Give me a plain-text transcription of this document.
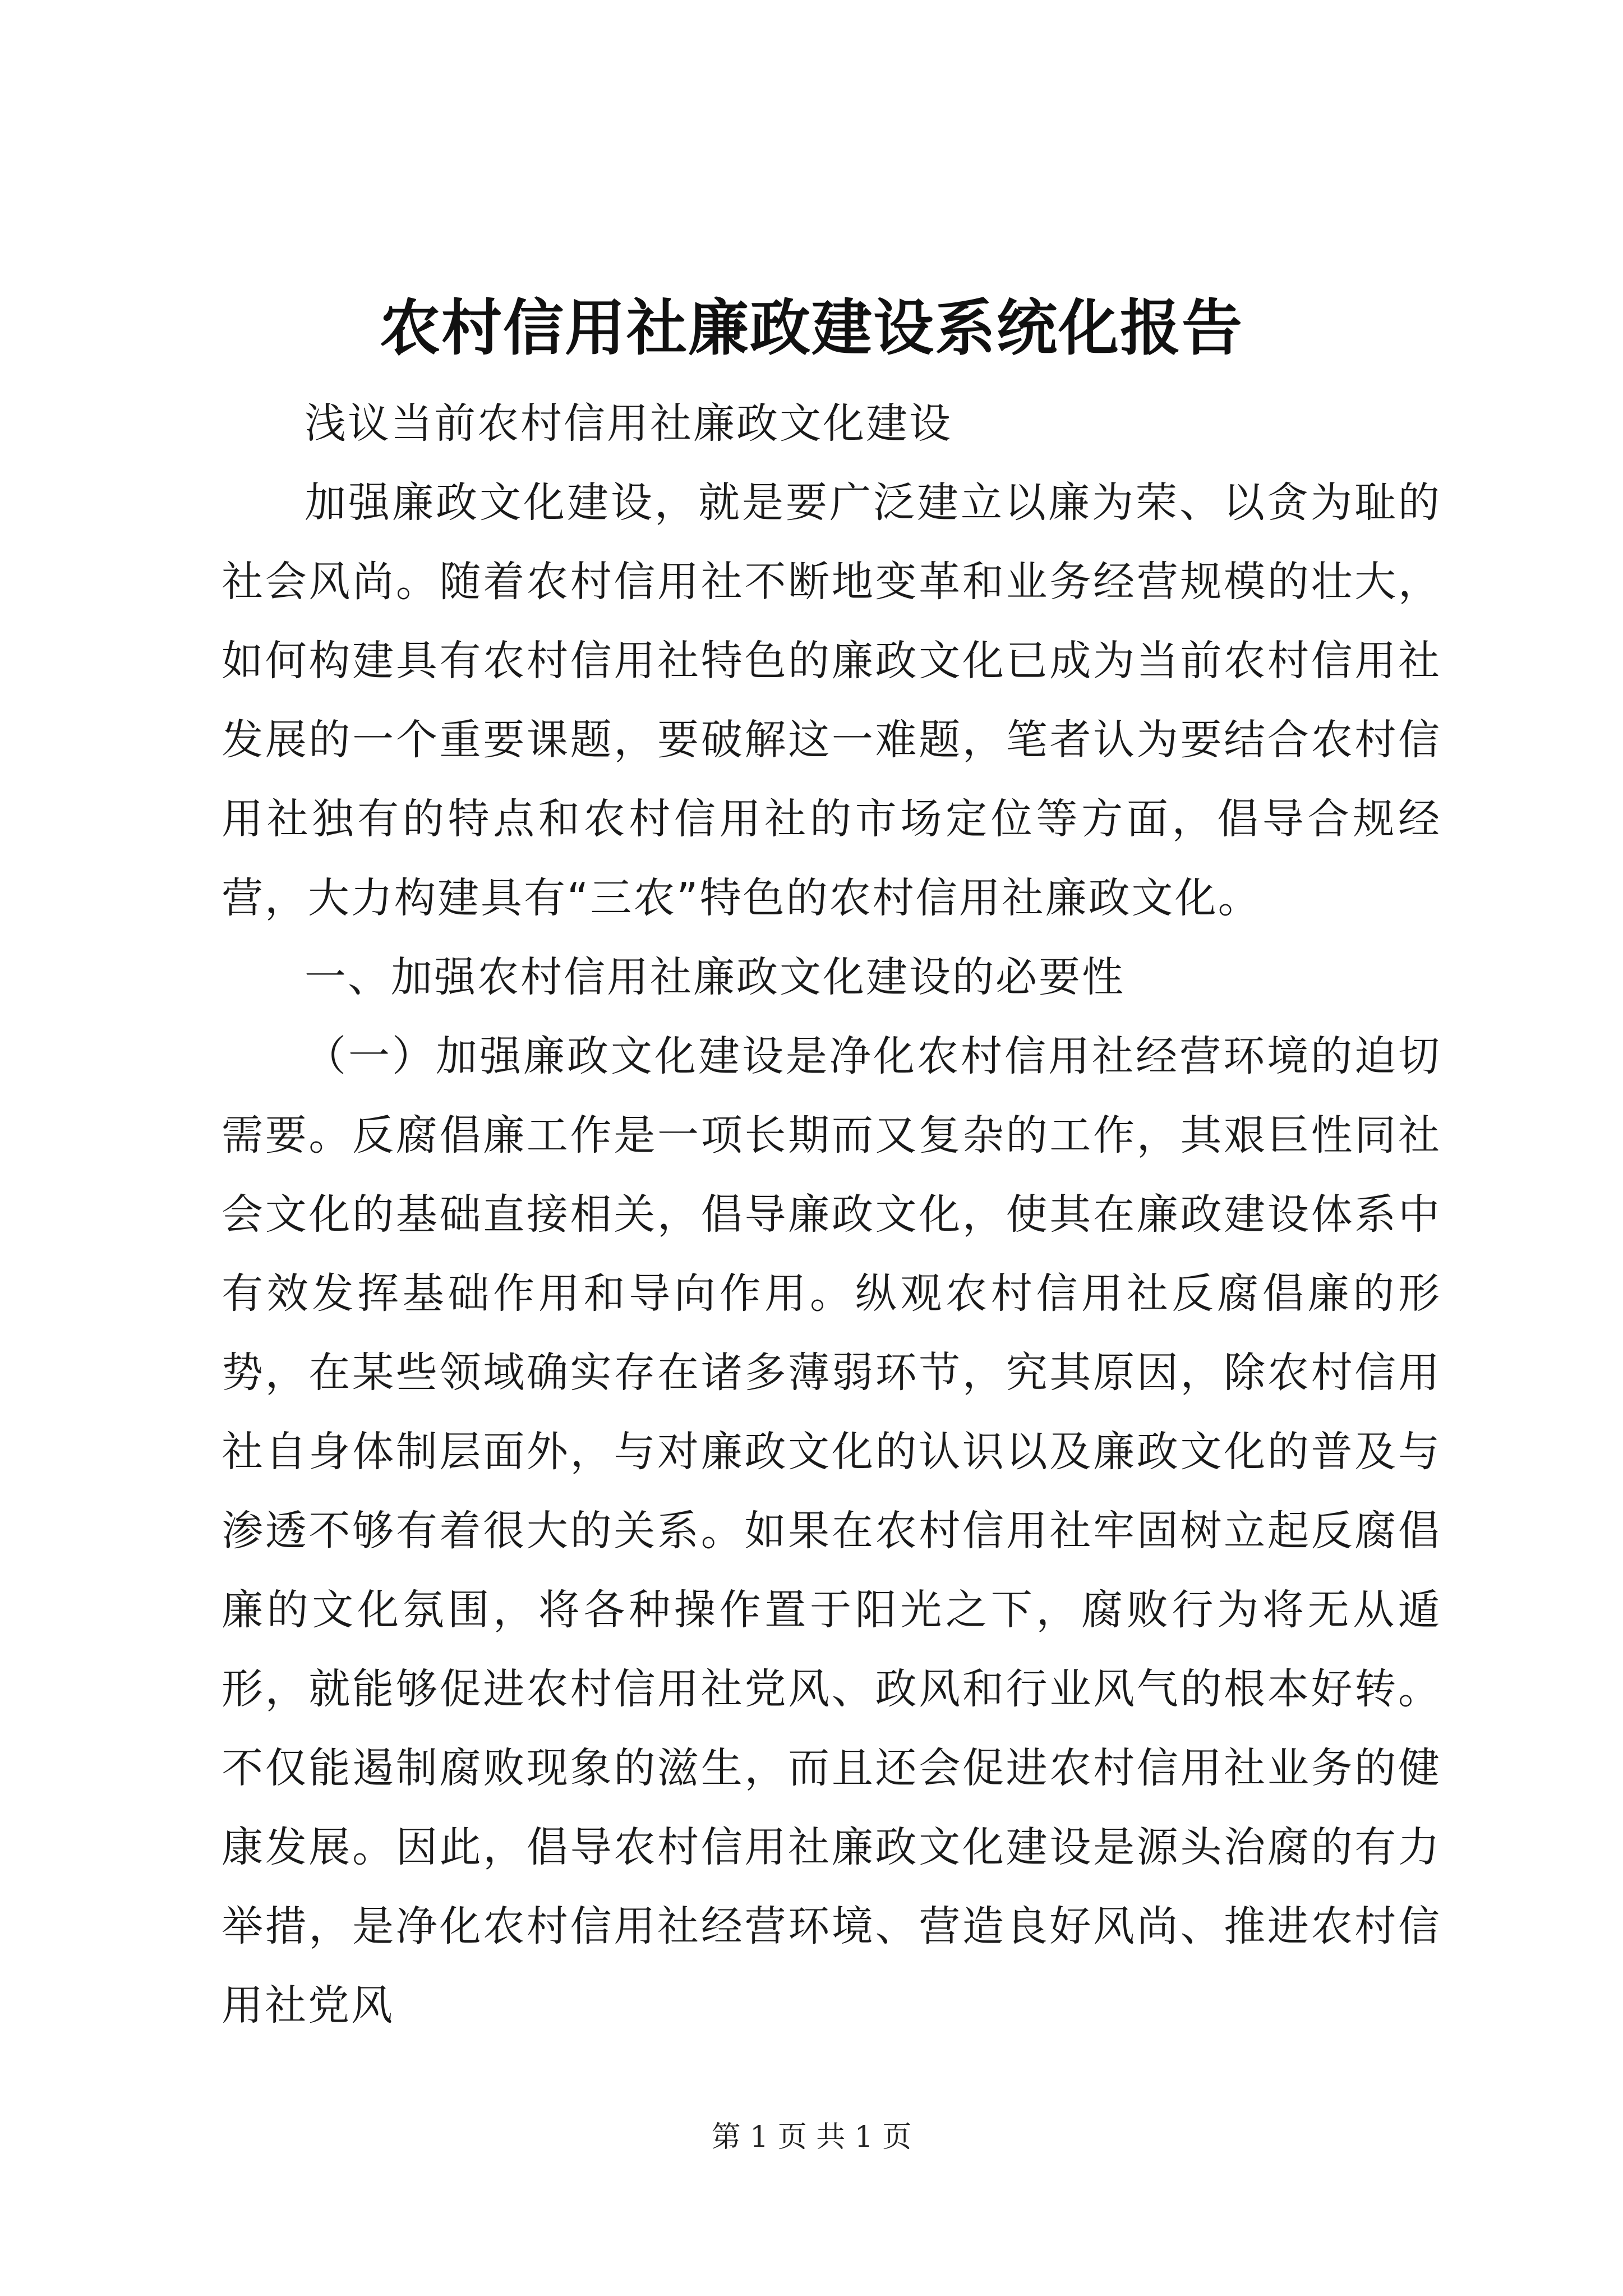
农村信用社廉政建设系统化报告

浅议当前农村信用社廉政文化建设

加强廉政文化建设，就是要广泛建立以廉为荣、以贪为耻的社会风尚。随着农村信用社不断地变革和业务经营规模的壮大，如何构建具有农村信用社特色的廉政文化已成为当前农村信用社发展的一个重要课题，要破解这一难题，笔者认为要结合农村信用社独有的特点和农村信用社的市场定位等方面，倡导合规经营，大力构建具有“三农”特色的农村信用社廉政文化。

一、加强农村信用社廉政文化建设的必要性

（一）加强廉政文化建设是净化农村信用社经营环境的迫切需要。反腐倡廉工作是一项长期而又复杂的工作，其艰巨性同社会文化的基础直接相关，倡导廉政文化，使其在廉政建设体系中有效发挥基础作用和导向作用。纵观农村信用社反腐倡廉的形势，在某些领域确实存在诸多薄弱环节，究其原因，除农村信用社自身体制层面外，与对廉政文化的认识以及廉政文化的普及与渗透不够有着很大的关系。如果在农村信用社牢固树立起反腐倡廉的文化氛围，将各种操作置于阳光之下，腐败行为将无从遁形，就能够促进农村信用社党风、政风和行业风气的根本好转。不仅能遏制腐败现象的滋生，而且还会促进农村信用社业务的健康发展。因此，倡导农村信用社廉政文化建设是源头治腐的有力举措，是净化农村信用社经营环境、营造良好风尚、推进农村信用社党风

第 1 页 共 1 页
